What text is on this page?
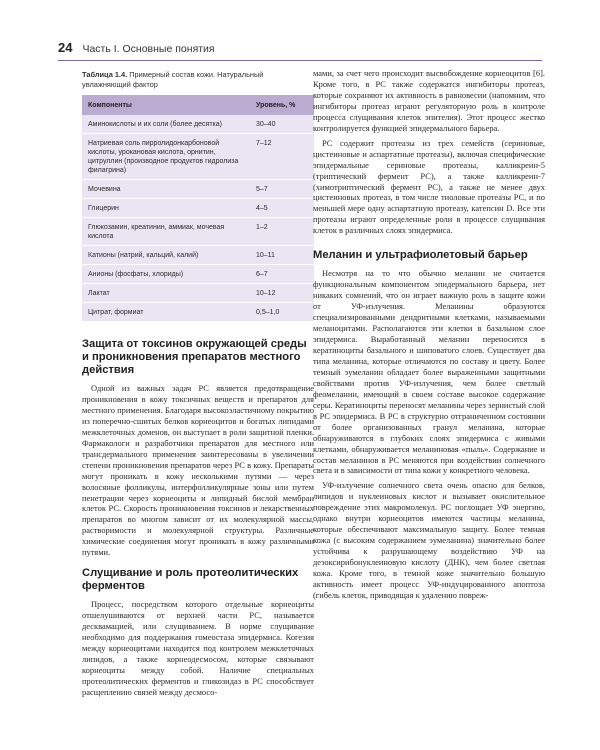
24 Часть I. Основные понятия
Таблица 1.4. Примерный состав кожи. Натуральный увлажняющий фактор
Компоненты	Уровень, %
Аминокислоты и их соли (более десятка)	30–40
Натриевая соль пирролидонкарбоновой кислоты, урокановая кислота, орнитин, цитруллин (производное продуктов гидролиза филагрина)	7–12
Мочевина	5–7
Глицерин	4–5
Глюкозамин, креатинин, аммиак, мочевая кислота	1–2
Катионы (натрий, кальций, калий)	10–11
Анионы (фосфаты, хлориды)	6–7
Лактат	10–12
Цитрат, формиат	0,5–1,0
Защита от токсинов окружающей среды и проникновения препаратов местного действия

Одной из важных задач РС является предотвращение проникновения в кожу токсичных веществ и препаратов для местного применения. Благодаря высокоэластичному покрытию из поперечно-сшитых белков корнеоцитов и богатых липидами межклеточных доменов, он выступает в роли защитной пленки. Фармакологи и разработчики препаратов для местного или трансдермального применения заинтересованы в увеличении степени проникновения препаратов через РС в кожу. Препараты могут проникать в кожу несколькими путями — через волосяные фолликулы, интерфолликулярные зоны или путем пенетрации через корнеоциты и липидный бислой мембран клеток РС. Скорость проникновения токсинов и лекарственных препаратов во многом зависит от их молекулярной массы, растворимости и молекулярной структуры. Различные химические соединения могут проникать в кожу различными путями.

Слущивание и роль протеолитических ферментов

Процесс, посредством которого отдельные корнеоциты отшелушиваются от верхней части РС, называется десквамацией, или слущиванием. В норме слущивание необходимо для поддержания гомеостаза эпидермиса. Когезия между корнеоцитами находится под контролем межклеточных липидов, а также корнеодесмосом, которые связывают корнеоциты между собой. Наличие специальных протеолитических ферментов и гликозидаз в РС способствует расщеплению связей между десмосо-

мами, за счет чего происходит высвобождение корнеоцитов [6]. Кроме того, в РС также содержатся ингибиторы протеаз, которые сохраняют их активность в равновесии (напомним, что ингибиторы протеаз играют регуляторную роль в контроле процесса слущивания клеток эпителия). Этот процесс жестко контролируется функцией эпидермального барьера.

РС содержит протеазы из трех семейств (сериновые, цистеиновые и аспартатные протеазы), включая специфические эпидермальные сериновые протеазы, калликреин-5 (триптический фермент РС), а также калликреин-7 (химотриптический фермент РС), а также не менее двух цистеиновых протеаз, в том числе тиоловые протеазы РС, и по меньшей мере одну аспартатную протеазу, катепсин D. Все эти протеазы играют определенные роли в процессе слущивания клеток в различных слоях эпидермиса.

Меланин и ультрафиолетовый барьер

Несмотря на то что обычно меланин не считается функциональным компонентом эпидермального барьера, нет никаких сомнений, что он играет важную роль в защите кожи от УФ-излучения. Меланины образуются специализированными дендритными клетками, называемыми меланоцитами. Располагаются эти клетки в базальном слое эпидермиса. Выработанный меланин переносится в кератиноциты базального и шиповатого слоев. Существует два типа меланина, которые отличаются по составу и цвету. Более темный эумеланин обладает более выраженными защитными свойствами против УФ-излучения, чем более светлый феомеланин, имеющий в своем составе высокое содержание серы. Кератиноциты переносят меланины через зернистый слой в РС эпидермиса. В РС в структурно отграниченном состоянии от более организованных гранул меланина, которые обнаруживаются в глубоких слоях эпидермиса с живыми клетками, обнаруживается меланиновая «пыль». Содержание и состав меланинов в РС меняются при воздействии солнечного света и в зависимости от типа кожи у конкретного человека.

УФ-излучение солнечного света очень опасно для белков, липидов и нуклеиновых кислот и вызывает окислительное повреждение этих макромолекул. РС поглощает УФ энергию, однако внутри корнеоцитов имеются частицы меланина, которые обеспечивают максимальную защиту. Более темная кожа (с высоким содержанием эумеланина) значительно более устойчива к разрушающему воздействию УФ на дезоксирибонуклеиновую кислоту (ДНК), чем более светлая кожа. Кроме того, в темной коже значительно большую активность имеет процесс УФ-индуцированного апоптоза (гибель клеток, приводящая к удалению повреж-
